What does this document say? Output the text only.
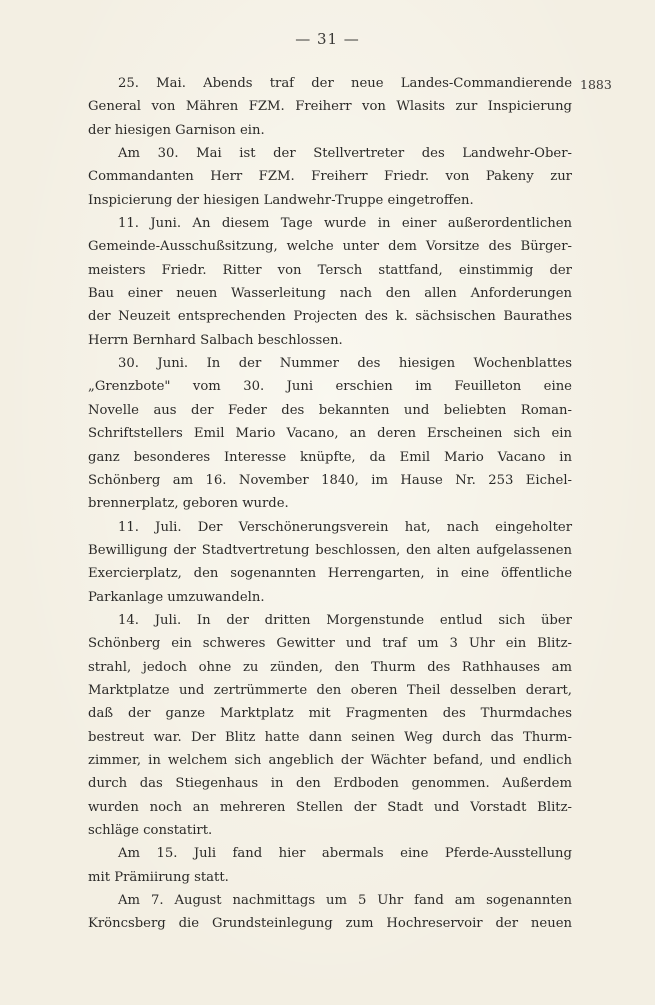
— 31 —
1883
25. Mai. Abends traf der neue Landes-Commandierende
General von Mähren FZM. Freiherr von Wlasits zur Inspicierung
der hiesigen Garnison ein.
Am 30. Mai ist der Stellvertreter des Landwehr-Ober-
Commandanten Herr FZM. Freiherr Friedr. von Pakeny zur
Inspicierung der hiesigen Landwehr-Truppe eingetroffen.
11. Juni. An diesem Tage wurde in einer außerordentlichen
Gemeinde-Ausschußsitzung, welche unter dem Vorsitze des Bürger-
meisters Friedr. Ritter von Tersch stattfand, einstimmig der
Bau einer neuen Wasserleitung nach den allen Anforderungen
der Neuzeit entsprechenden Projecten des k. sächsischen Baurathes
Herrn Bernhard Salbach beschlossen.
30. Juni. In der Nummer des hiesigen Wochenblattes
„Grenzbote" vom 30. Juni erschien im Feuilleton eine
Novelle aus der Feder des bekannten und beliebten Roman-
Schriftstellers Emil Mario Vacano, an deren Erscheinen sich ein
ganz besonderes Interesse knüpfte, da Emil Mario Vacano in
Schönberg am 16. November 1840, im Hause Nr. 253 Eichel-
brennerplatz, geboren wurde.
11. Juli. Der Verschönerungsverein hat, nach eingeholter
Bewilligung der Stadtvertretung beschlossen, den alten aufgelassenen
Exercierplatz, den sogenannten Herrengarten, in eine öffentliche
Parkanlage umzuwandeln.
14. Juli. In der dritten Morgenstunde entlud sich über
Schönberg ein schweres Gewitter und traf um 3 Uhr ein Blitz-
strahl, jedoch ohne zu zünden, den Thurm des Rathhauses am
Marktplatze und zertrümmerte den oberen Theil desselben derart,
daß der ganze Marktplatz mit Fragmenten des Thurmdaches
bestreut war. Der Blitz hatte dann seinen Weg durch das Thurm-
zimmer, in welchem sich angeblich der Wächter befand, und endlich
durch das Stiegenhaus in den Erdboden genommen. Außerdem
wurden noch an mehreren Stellen der Stadt und Vorstadt Blitz-
schläge constatirt.
Am 15. Juli fand hier abermals eine Pferde-Ausstellung
mit Prämiirung statt.
Am 7. August nachmittags um 5 Uhr fand am sogenannten
Kröncsberg die Grundsteinlegung zum Hochreservoir der neuen
